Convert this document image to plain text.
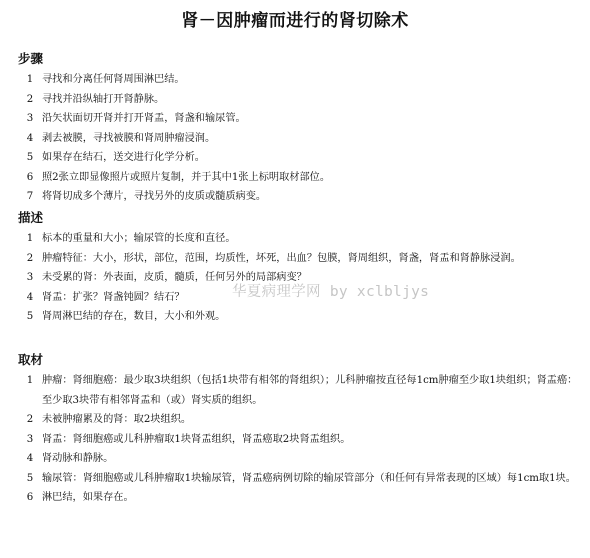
肾－因肿瘤而进行的肾切除术
步骤
1 寻找和分离任何肾周围淋巴结。
2 寻找并沿纵轴打开肾静脉。
3 沿矢状面切开肾并打开肾盂，肾盏和输尿管。
4 剥去被膜，寻找被膜和肾周肿瘤浸润。
5 如果存在结石，送交进行化学分析。
6 照2张立即显像照片或照片复制，并于其中1张上标明取材部位。
7 将肾切成多个薄片，寻找另外的皮质或髓质病变。
描述
1 标本的重量和大小；输尿管的长度和直径。
2 肿瘤特征：大小，形状，部位，范围，均质性，坏死，出血？包膜，肾周组织，肾盏，肾盂和肾静脉浸润。
3 未受累的肾：外表面，皮质，髓质，任何另外的局部病变？
4 肾盂：扩张？肾盏钝圆？结石？
5 肾周淋巴结的存在，数目，大小和外观。
取材
1 肿瘤：肾细胞癌：最少取3块组织（包括1块带有相邻的肾组织）；儿科肿瘤按直径每1cm肿瘤至少取1块组织；肾盂癌：至少取3块带有相邻肾盂和（或）肾实质的组织。
2 未被肿瘤累及的肾：取2块组织。
3 肾盂：肾细胞癌或儿科肿瘤取1块肾盂组织，肾盂癌取2块肾盂组织。
4 肾动脉和静脉。
5 输尿管：肾细胞癌或儿科肿瘤取1块输尿管，肾盂癌病例切除的输尿管部分（和任何有异常表现的区域）每1cm取1块。
6 淋巴结，如果存在。
华夏病理学网 by xclbljys
